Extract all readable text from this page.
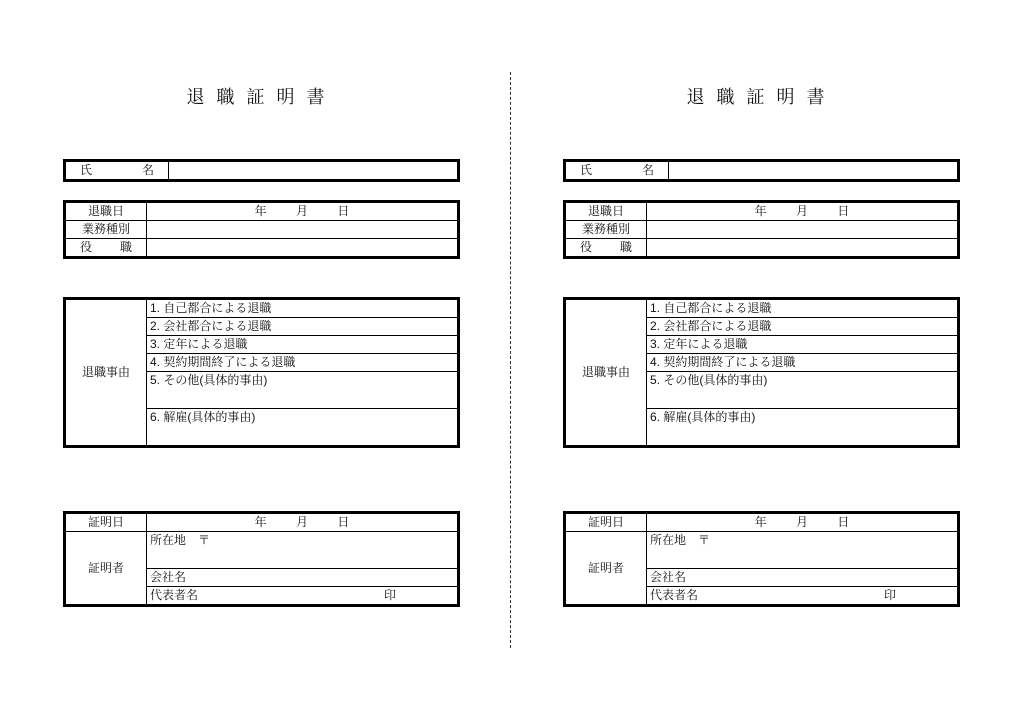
退職証明書
氏名	
退職日	年 月 日
業務種別	
役職	
退職事由	1. 自己都合による退職
2. 会社都合による退職
3. 定年による退職
4. 契約期間終了による退職
5. その他(具体的事由)
6. 解雇(具体的事由)
証明日	年 月 日
証明者	所在地　〒
	会社名
	代表者名 印
退職証明書
氏名	
退職日	年 月 日
業務種別	
役職	
退職事由	1. 自己都合による退職
2. 会社都合による退職
3. 定年による退職
4. 契約期間終了による退職
5. その他(具体的事由)
6. 解雇(具体的事由)
証明日	年 月 日
証明者	所在地　〒
	会社名
	代表者名 印
